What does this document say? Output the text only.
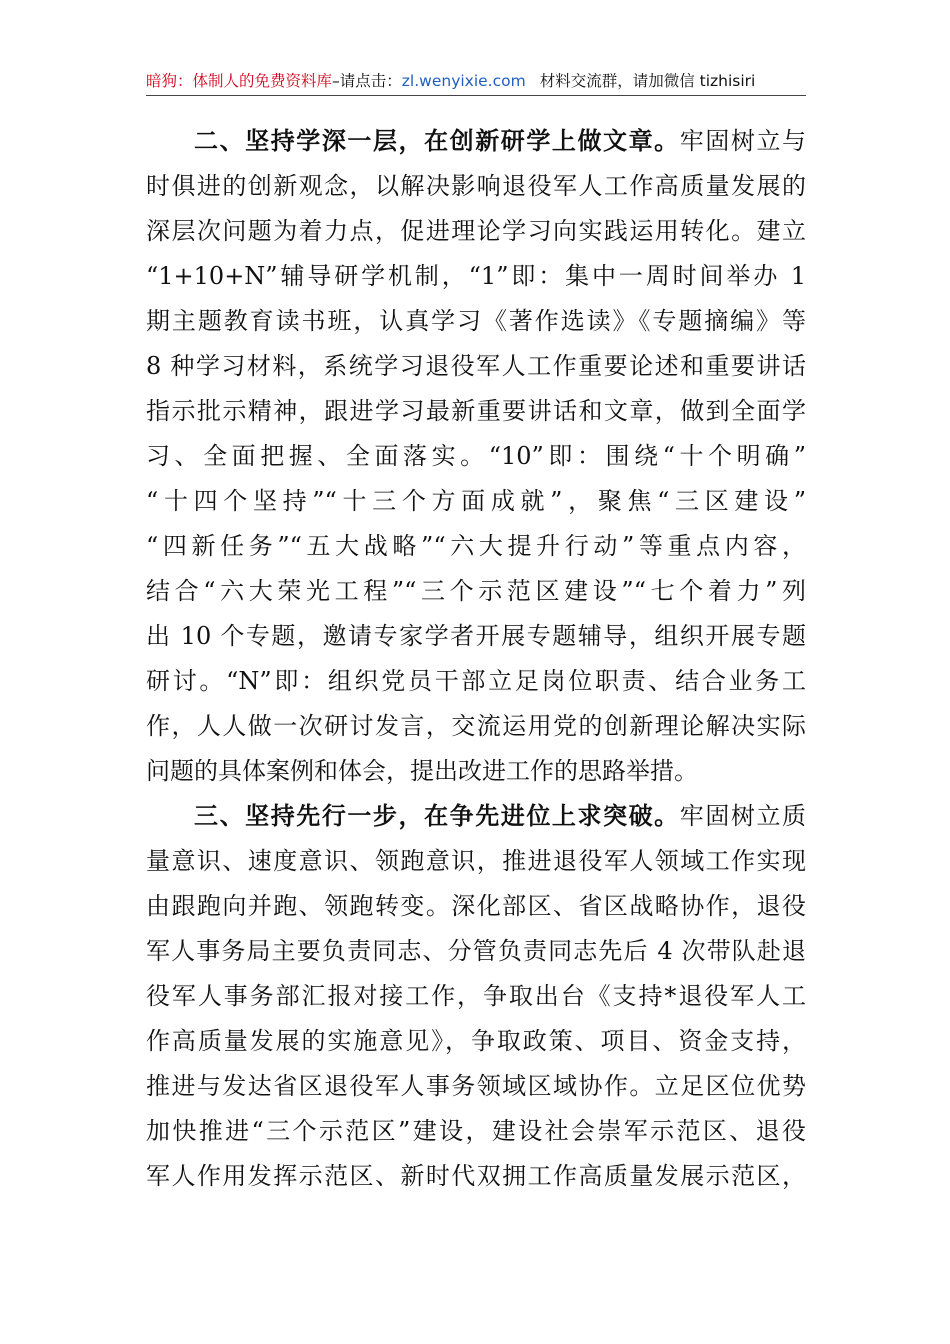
暗狗：体制人的免费资料库–请点击：zl.wenyixie.com 材料交流群，请加微信 tizhisiri
二、坚持学深一层，在创新研学上做文章。牢固树立与
时俱进的创新观念，以解决影响退役军人工作高质量发展的
深层次问题为着力点，促进理论学习向实践运用转化。建立
“1+10+N”辅导研学机制，“1”即：集中一周时间举办 1
期主题教育读书班，认真学习《著作选读》《专题摘编》等
8 种学习材料，系统学习退役军人工作重要论述和重要讲话
指示批示精神，跟进学习最新重要讲话和文章，做到全面学
习、全面把握、全面落实。“10”即：围绕“十个明确”
“十四个坚持”“十三个方面成就”，聚焦“三区建设”
“四新任务”“五大战略”“六大提升行动”等重点内容，
结合“六大荣光工程”“三个示范区建设”“七个着力”列
出 10 个专题，邀请专家学者开展专题辅导，组织开展专题
研讨。“N”即：组织党员干部立足岗位职责、结合业务工
作，人人做一次研讨发言，交流运用党的创新理论解决实际
问题的具体案例和体会，提出改进工作的思路举措。
三、坚持先行一步，在争先进位上求突破。牢固树立质
量意识、速度意识、领跑意识，推进退役军人领域工作实现
由跟跑向并跑、领跑转变。深化部区、省区战略协作，退役
军人事务局主要负责同志、分管负责同志先后 4 次带队赴退
役军人事务部汇报对接工作，争取出台《支持*退役军人工
作高质量发展的实施意见》，争取政策、项目、资金支持，
推进与发达省区退役军人事务领域区域协作。立足区位优势
加快推进“三个示范区”建设，建设社会崇军示范区、退役
军人作用发挥示范区、新时代双拥工作高质量发展示范区，
